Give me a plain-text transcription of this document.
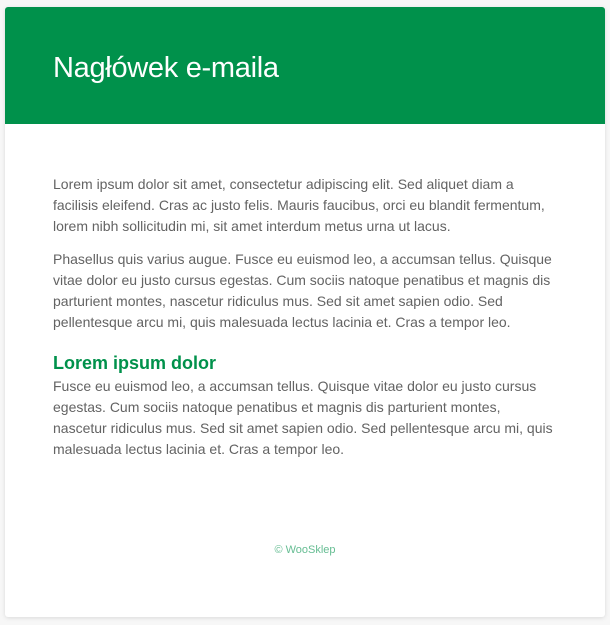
Nagłówek e-maila

Lorem ipsum dolor sit amet, consectetur adipiscing elit. Sed aliquet diam a facilisis eleifend. Cras ac justo felis. Mauris faucibus, orci eu blandit fermentum, lorem nibh sollicitudin mi, sit amet interdum metus urna ut lacus.

Phasellus quis varius augue. Fusce eu euismod leo, a accumsan tellus. Quisque vitae dolor eu justo cursus egestas. Cum sociis natoque penatibus et magnis dis parturient montes, nascetur ridiculus mus. Sed sit amet sapien odio. Sed pellentesque arcu mi, quis malesuada lectus lacinia et. Cras a tempor leo.

Lorem ipsum dolor

Fusce eu euismod leo, a accumsan tellus. Quisque vitae dolor eu justo cursus egestas. Cum sociis natoque penatibus et magnis dis parturient montes, nascetur ridiculus mus. Sed sit amet sapien odio. Sed pellentesque arcu mi, quis malesuada lectus lacinia et. Cras a tempor leo.

© WooSklep
